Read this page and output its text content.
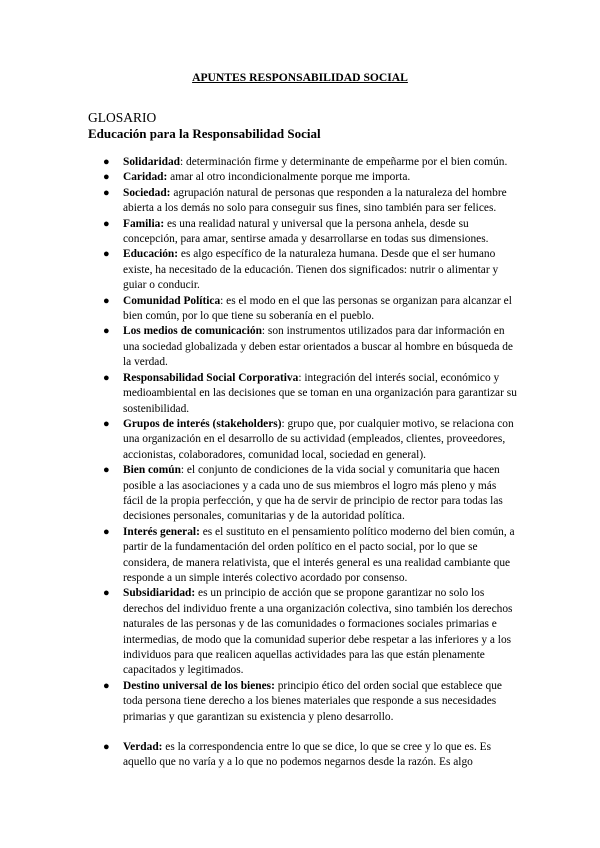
APUNTES RESPONSABILIDAD SOCIAL
GLOSARIO
Educación para la Responsabilidad Social
● Solidaridad: determinación firme y determinante de empeñarme por el bien común.
● Caridad: amar al otro incondicionalmente porque me importa.
● Sociedad: agrupación natural de personas que responden a la naturaleza del hombre abierta a los demás no solo para conseguir sus fines, sino también para ser felices.
● Familia: es una realidad natural y universal que la persona anhela, desde su concepción, para amar, sentirse amada y desarrollarse en todas sus dimensiones.
● Educación: es algo específico de la naturaleza humana. Desde que el ser humano existe, ha necesitado de la educación. Tienen dos significados: nutrir o alimentar y guiar o conducir.
● Comunidad Política: es el modo en el que las personas se organizan para alcanzar el bien común, por lo que tiene su soberanía en el pueblo.
● Los medios de comunicación: son instrumentos utilizados para dar información en una sociedad globalizada y deben estar orientados a buscar al hombre en búsqueda de la verdad.
● Responsabilidad Social Corporativa: integración del interés social, económico y medioambiental en las decisiones que se toman en una organización para garantizar su sostenibilidad.
● Grupos de interés (stakeholders): grupo que, por cualquier motivo, se relaciona con una organización en el desarrollo de su actividad (empleados, clientes, proveedores, accionistas, colaboradores, comunidad local, sociedad en general).
● Bien común: el conjunto de condiciones de la vida social y comunitaria que hacen posible a las asociaciones y a cada uno de sus miembros el logro más pleno y más fácil de la propia perfección, y que ha de servir de principio de rector para todas las decisiones personales, comunitarias y de la autoridad política.
● Interés general: es el sustituto en el pensamiento político moderno del bien común, a partir de la fundamentación del orden político en el pacto social, por lo que se considera, de manera relativista, que el interés general es una realidad cambiante que responde a un simple interés colectivo acordado por consenso.
● Subsidiaridad: es un principio de acción que se propone garantizar no solo los derechos del individuo frente a una organización colectiva, sino también los derechos naturales de las personas y de las comunidades o formaciones sociales primarias e intermedias, de modo que la comunidad superior debe respetar a las inferiores y a los individuos para que realicen aquellas actividades para las que están plenamente capacitados y legitimados.
● Destino universal de los bienes: principio ético del orden social que establece que toda persona tiene derecho a los bienes materiales que responde a sus necesidades primarias y que garantizan su existencia y pleno desarrollo.
● Verdad: es la correspondencia entre lo que se dice, lo que se cree y lo que es. Es aquello que no varía y a lo que no podemos negarnos desde la razón. Es algo
